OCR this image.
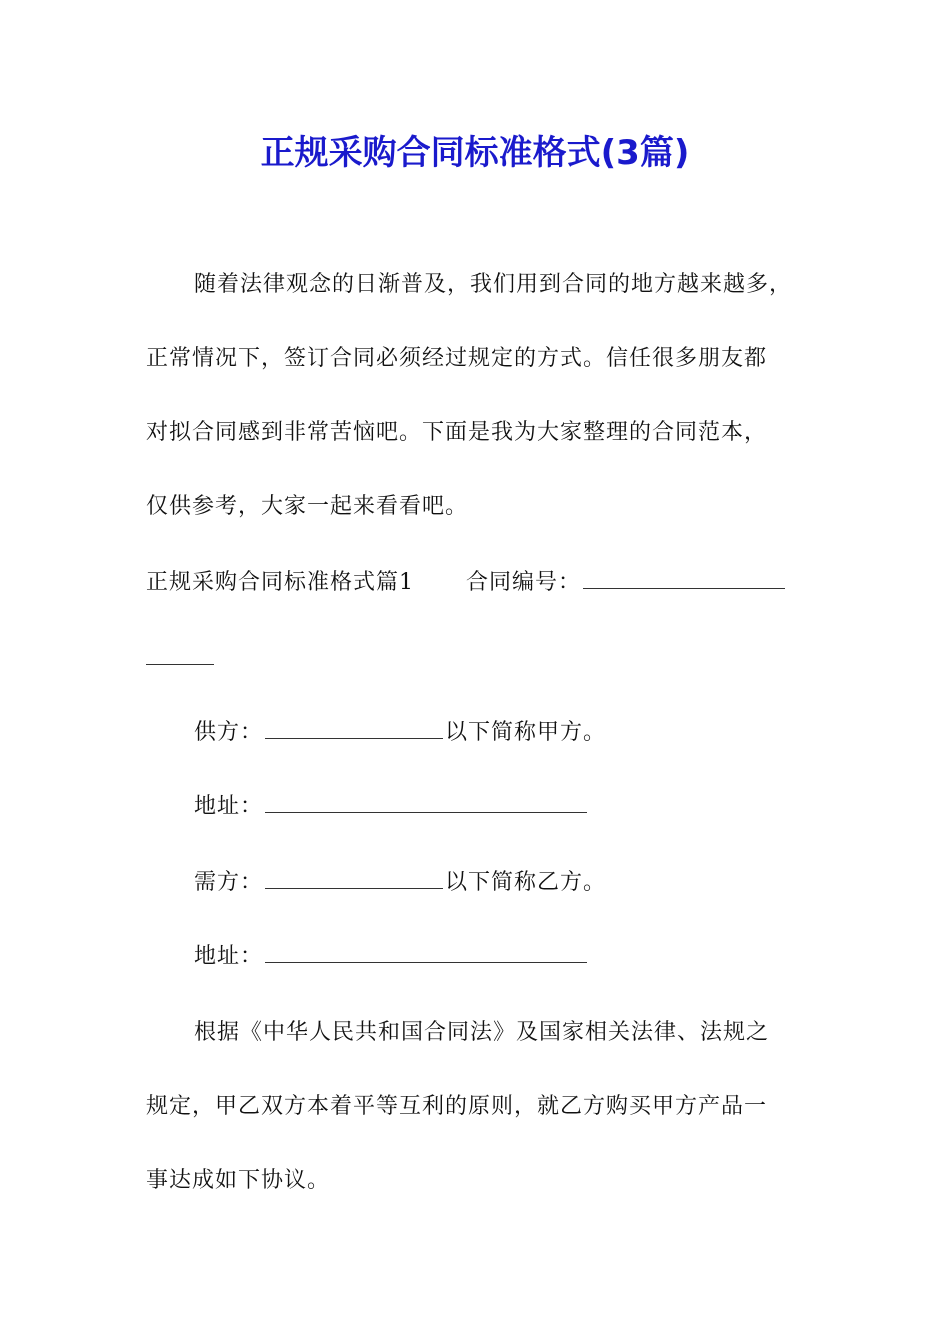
正规采购合同标准格式(3篇)
随着法律观念的日渐普及，我们用到合同的地方越来越多，
正常情况下，签订合同必须经过规定的方式。信任很多朋友都
对拟合同感到非常苦恼吧。下面是我为大家整理的合同范本，
仅供参考，大家一起来看看吧。
正规采购合同标准格式篇1 合同编号：
供方：	以下简称甲方。
地址：
需方：	以下简称乙方。
地址：
根据《中华人民共和国合同法》及国家相关法律、法规之
规定，甲乙双方本着平等互利的原则，就乙方购买甲方产品一
事达成如下协议。
